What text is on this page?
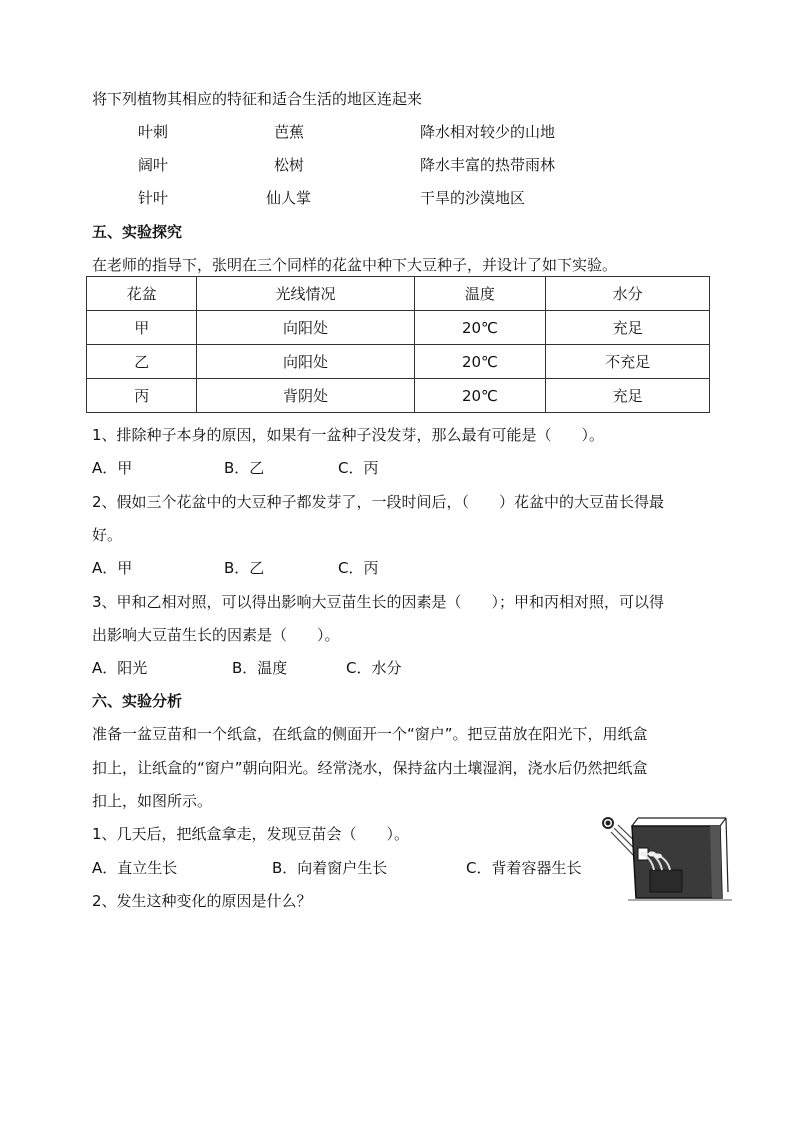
将下列植物其相应的特征和适合生活的地区连起来
叶刺	芭蕉	降水相对较少的山地
阔叶	松树	降水丰富的热带雨林
针叶	仙人掌	干旱的沙漠地区
五、实验探究
在老师的指导下，张明在三个同样的花盆中种下大豆种子，并设计了如下实验。
花盆	光线情况	温度	水分
甲	向阳处	20℃	充足
乙	向阳处	20℃	不充足
丙	背阴处	20℃	充足
1、排除种子本身的原因，如果有一盆种子没发芽，那么最有可能是（　　）。
A．甲	B．乙	C．丙
2、假如三个花盆中的大豆种子都发芽了，一段时间后，（　　）花盆中的大豆苗长得最
好。
A．甲	B．乙	C．丙
3、甲和乙相对照，可以得出影响大豆苗生长的因素是（　　）；甲和丙相对照，可以得
出影响大豆苗生长的因素是（　　）。
A．阳光	B．温度	C．水分
六、实验分析
准备一盆豆苗和一个纸盒，在纸盒的侧面开一个“窗户”。把豆苗放在阳光下，用纸盒
扣上，让纸盒的“窗户”朝向阳光。经常浇水，保持盆内土壤湿润，浇水后仍然把纸盒
扣上，如图所示。
1、几天后，把纸盒拿走，发现豆苗会（　　）。
A．直立生长	B．向着窗户生长	C．背着容器生长
2、发生这种变化的原因是什么？
